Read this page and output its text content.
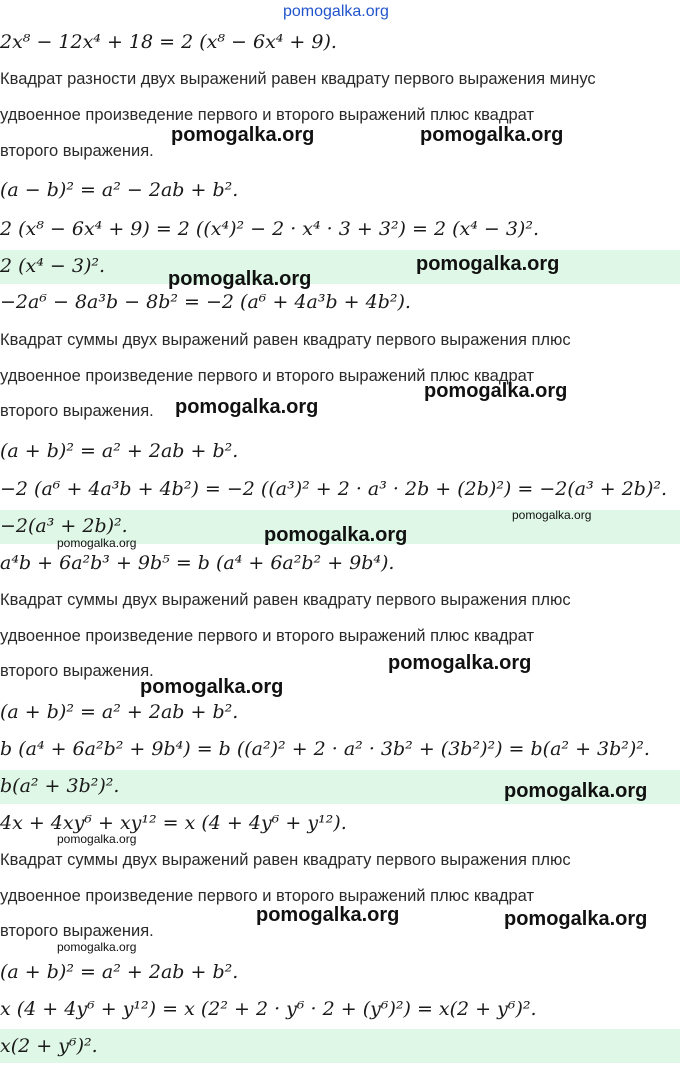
pomogalka.org
2x⁸ − 12x⁴ + 18 = 2 (x⁸ − 6x⁴ + 9).
Квадрат разности двух выражений равен квадрату первого выражения минус
удвоенное произведение первого и второго выражений плюс квадрат
второго выражения.
(a − b)² = a² − 2ab + b².
2 (x⁸ − 6x⁴ + 9) = 2 ((x⁴)² − 2 · x⁴ · 3 + 3²) = 2 (x⁴ − 3)².
2 (x⁴ − 3)².
−2a⁶ − 8a³b − 8b² = −2 (a⁶ + 4a³b + 4b²).
Квадрат суммы двух выражений равен квадрату первого выражения плюс
удвоенное произведение первого и второго выражений плюс квадрат
второго выражения.
(a + b)² = a² + 2ab + b².
−2 (a⁶ + 4a³b + 4b²) = −2 ((a³)² + 2 · a³ · 2b + (2b)²) = −2(a³ + 2b)².
−2(a³ + 2b)².
a⁴b + 6a²b³ + 9b⁵ = b (a⁴ + 6a²b² + 9b⁴).
Квадрат суммы двух выражений равен квадрату первого выражения плюс
удвоенное произведение первого и второго выражений плюс квадрат
второго выражения.
(a + b)² = a² + 2ab + b².
b (a⁴ + 6a²b² + 9b⁴) = b ((a²)² + 2 · a² · 3b² + (3b²)²) = b(a² + 3b²)².
b(a² + 3b²)².
4x + 4xy⁶ + xy¹² = x (4 + 4y⁶ + y¹²).
Квадрат суммы двух выражений равен квадрату первого выражения плюс
удвоенное произведение первого и второго выражений плюс квадрат
второго выражения.
(a + b)² = a² + 2ab + b².
x (4 + 4y⁶ + y¹²) = x (2² + 2 · y⁶ · 2 + (y⁶)²) = x(2 + y⁶)².
x(2 + y⁶)².
pomogalka.org	pomogalka.org
pomogalka.org
pomogalka.org
pomogalka.org
pomogalka.org
pomogalka.org
pomogalka.org
pomogalka.org
pomogalka.org
pomogalka.org	pomogalka.org
pomogalka.org
pomogalka.org
pomogalka.org
pomogalka.org
